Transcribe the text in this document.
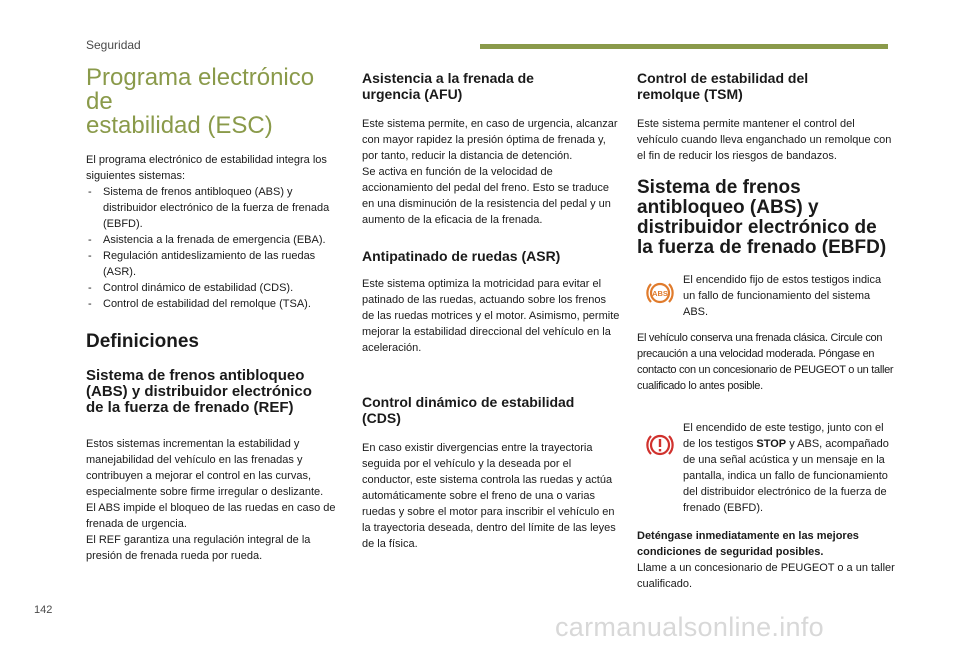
Seguridad
Programa electrónico de
estabilidad (ESC)

El programa electrónico de estabilidad integra los siguientes sistemas:

- Sistema de frenos antibloqueo (ABS) y distribuidor electrónico de la fuerza de frenada (EBFD).
- Asistencia a la frenada de emergencia (EBA).
- Regulación antideslizamiento de las ruedas (ASR).
- Control dinámico de estabilidad (CDS).
- Control de estabilidad del remolque (TSA).
Definiciones
Sistema de frenos antibloqueo
(ABS) y distribuidor electrónico
de la fuerza de frenado (REF)

Estos sistemas incrementan la estabilidad y manejabilidad del vehículo en las frenadas y contribuyen a mejorar el control en las curvas, especialmente sobre firme irregular o deslizante.

El ABS impide el bloqueo de las ruedas en caso de frenada de urgencia.

El REF garantiza una regulación integral de la presión de frenada rueda por rueda.

Asistencia a la frenada de
urgencia (AFU)

Este sistema permite, en caso de urgencia, alcanzar con mayor rapidez la presión óptima de frenada y, por tanto, reducir la distancia de detención.

Se activa en función de la velocidad de accionamiento del pedal del freno. Esto se traduce en una disminución de la resistencia del pedal y un aumento de la eficacia de la frenada.

Antipatinado de ruedas (ASR)

Este sistema optimiza la motricidad para evitar el patinado de las ruedas, actuando sobre los frenos de las ruedas motrices y el motor. Asimismo, permite mejorar la estabilidad direccional del vehículo en la aceleración.

Control dinámico de estabilidad
(CDS)

En caso existir divergencias entre la trayectoria seguida por el vehículo y la deseada por el conductor, este sistema controla las ruedas y actúa automáticamente sobre el freno de una o varias ruedas y sobre el motor para inscribir el vehículo en la trayectoria deseada, dentro del límite de las leyes de la física.

Control de estabilidad del
remolque (TSM)

Este sistema permite mantener el control del vehículo cuando lleva enganchado un remolque con el fin de reducir los riesgos de bandazos.

Sistema de frenos
antibloqueo (ABS) y
distribuidor electrónico de
la fuerza de frenado (EBFD)
ABS

El encendido fijo de estos testigos indica un fallo de funcionamiento del sistema ABS.

El vehículo conserva una frenada clásica. Circule con precaución a una velocidad moderada. Póngase en contacto con un concesionario de PEUGEOT o un taller cualificado lo antes posible.

El encendido de este testigo, junto con el de los testigos STOP y ABS, acompañado de una señal acústica y un mensaje en la pantalla, indica un fallo de funcionamiento del distribuidor electrónico de la fuerza de frenado (EBFD).

Deténgase inmediatamente en las mejores condiciones de seguridad posibles.
Llame a un concesionario de PEUGEOT o a un taller cualificado.

142
carmanualsonline.info
